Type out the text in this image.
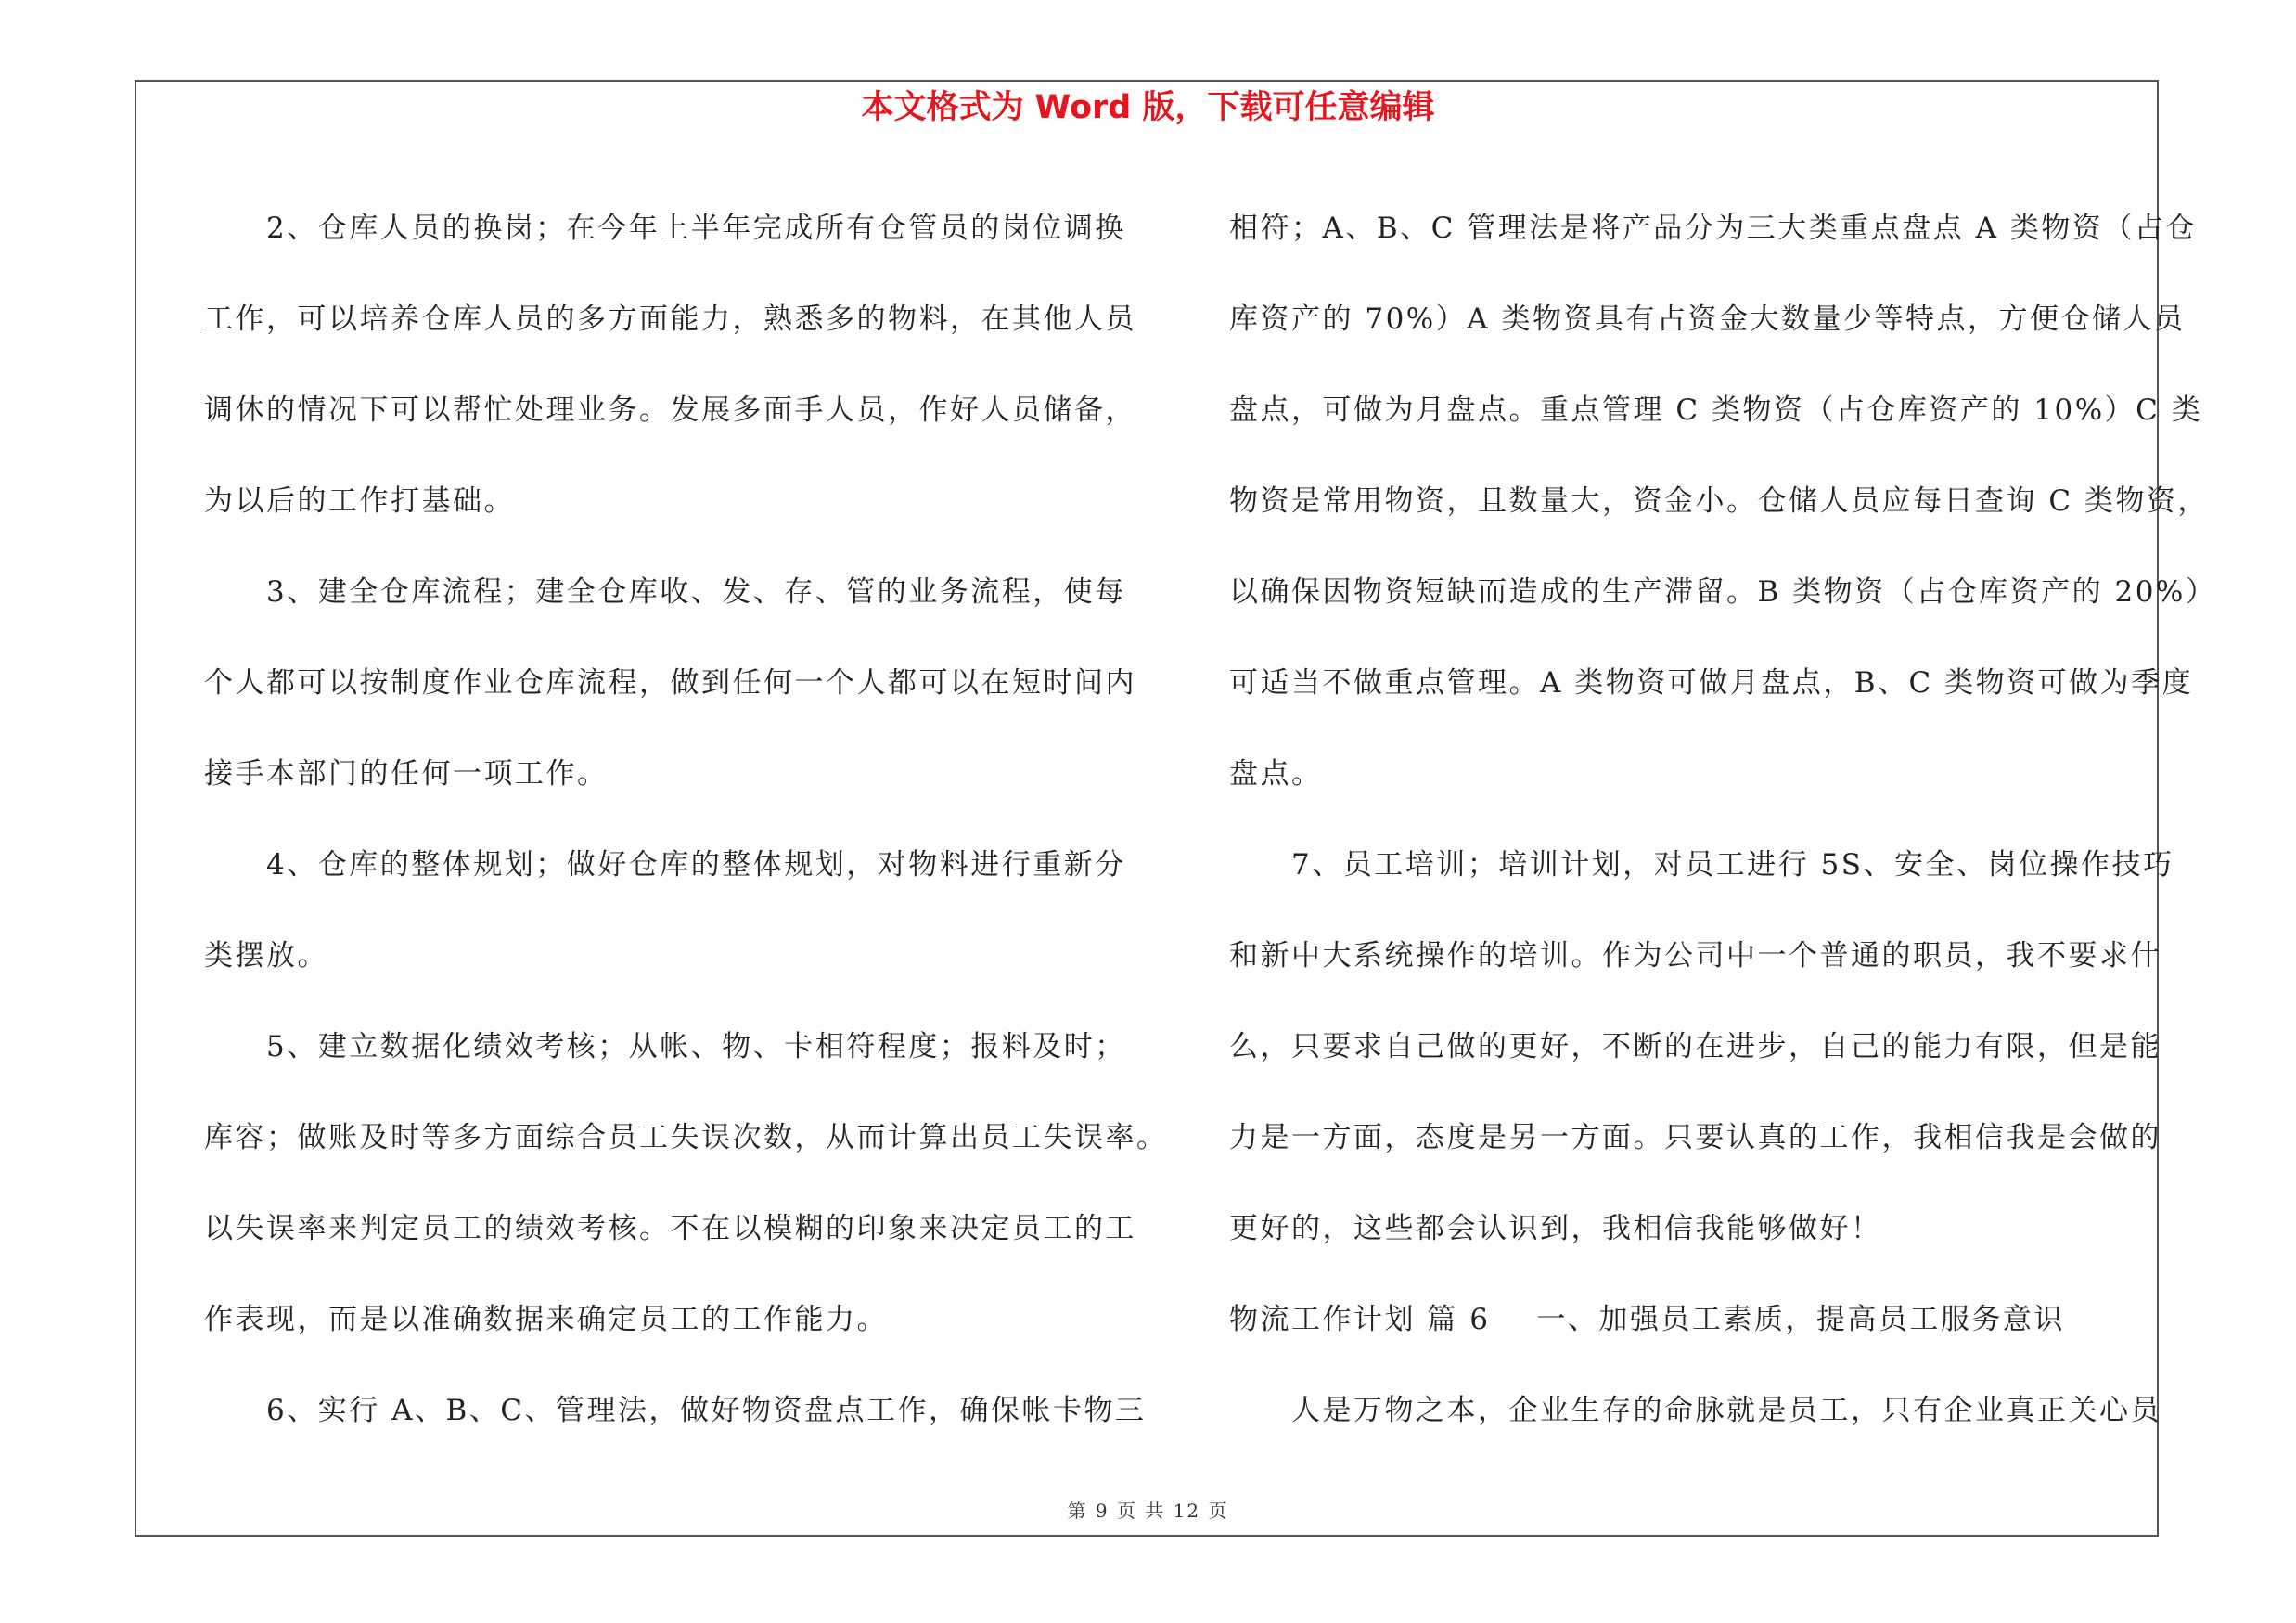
本文格式为 Word 版，下载可任意编辑
　　2、仓库人员的换岗；在今年上半年完成所有仓管员的岗位调换
工作，可以培养仓库人员的多方面能力，熟悉多的物料，在其他人员
调休的情况下可以帮忙处理业务。发展多面手人员，作好人员储备，
为以后的工作打基础。
　　3、建全仓库流程；建全仓库收、发、存、管的业务流程，使每
个人都可以按制度作业仓库流程，做到任何一个人都可以在短时间内
接手本部门的任何一项工作。
　　4、仓库的整体规划；做好仓库的整体规划，对物料进行重新分
类摆放。
　　5、建立数据化绩效考核；从帐、物、卡相符程度；报料及时；
库容；做账及时等多方面综合员工失误次数，从而计算出员工失误率。
以失误率来判定员工的绩效考核。不在以模糊的印象来决定员工的工
作表现，而是以准确数据来确定员工的工作能力。
　　6、实行 A、B、C、管理法，做好物资盘点工作，确保帐卡物三
相符；A、B、C 管理法是将产品分为三大类重点盘点 A 类物资（占仓
库资产的 70%）A 类物资具有占资金大数量少等特点，方便仓储人员
盘点，可做为月盘点。重点管理 C 类物资（占仓库资产的 10%）C 类
物资是常用物资，且数量大，资金小。仓储人员应每日查询 C 类物资，
以确保因物资短缺而造成的生产滞留。B 类物资（占仓库资产的 20%）
可适当不做重点管理。A 类物资可做月盘点，B、C 类物资可做为季度
盘点。
　　7、员工培训；培训计划，对员工进行 5S、安全、岗位操作技巧
和新中大系统操作的培训。作为公司中一个普通的职员，我不要求什
么，只要求自己做的更好，不断的在进步，自己的能力有限，但是能
力是一方面，态度是另一方面。只要认真的工作，我相信我是会做的
更好的，这些都会认识到，我相信我能够做好！
物流工作计划 篇 6 一、加强员工素质，提高员工服务意识
　　人是万物之本，企业生存的命脉就是员工，只有企业真正关心员
第 9 页 共 12 页
